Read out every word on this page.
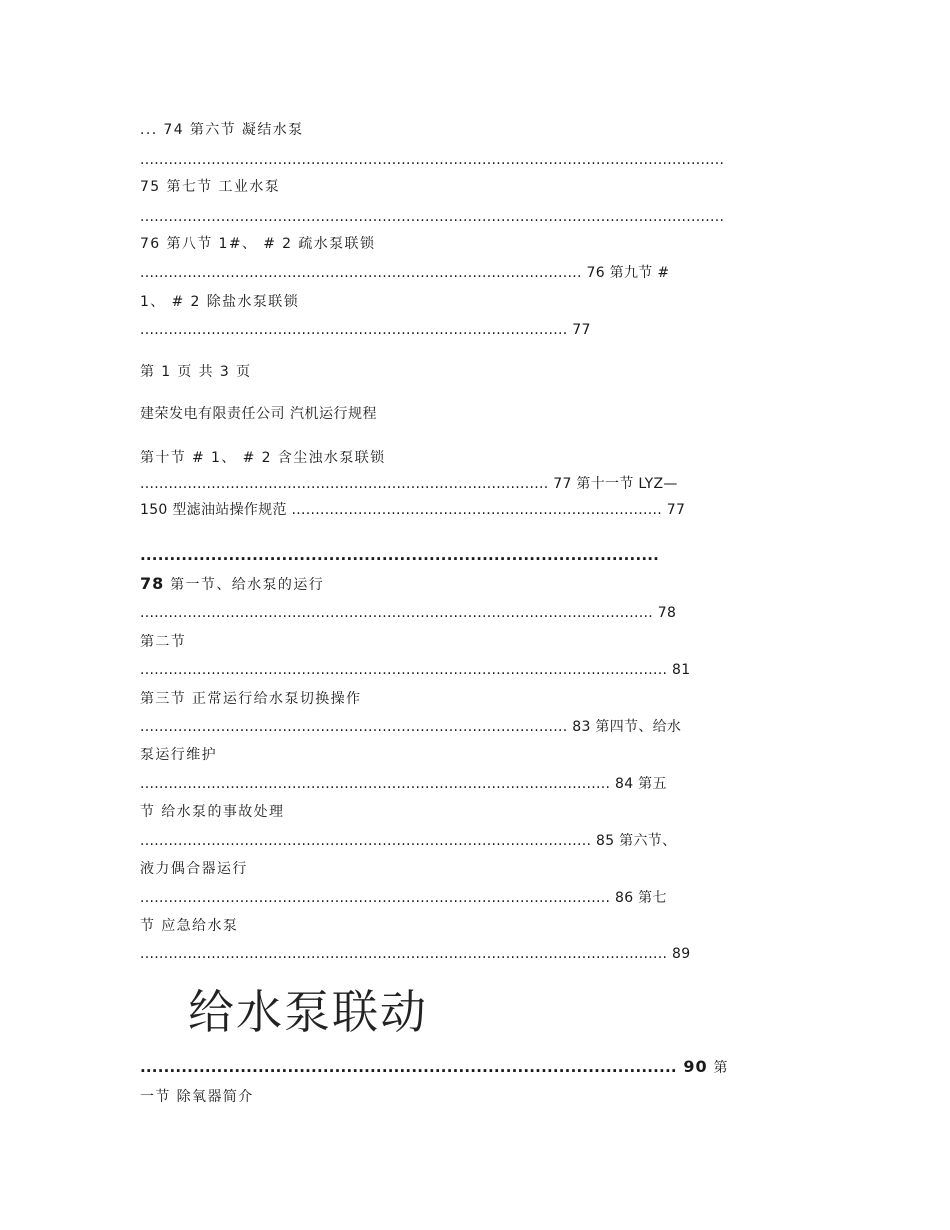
... 74 第六节 凝结水泵
...........................................................................................................................
75 第七节 工业水泵
...........................................................................................................................
76 第八节 1#、 # 2 疏水泵联锁
............................................................................................. 76 第九节 #
1、 # 2 除盐水泵联锁
.......................................................................................... 77
第 1 页 共 3 页
建荣发电有限责任公司 汽机运行规程
第十节 # 1、 # 2 含尘浊水泵联锁
...................................................................................... 77 第十一节 LYZ—
150 型滤油站操作规范 .............................................................................. 77
........................................................................................
78 第一节、给水泵的运行
............................................................................................................ 78
第二节
............................................................................................................... 81
第三节 正常运行给水泵切换操作
.......................................................................................... 83 第四节、给水
泵运行维护
................................................................................................... 84 第五
节 给水泵的事故处理
............................................................................................... 85 第六节、
液力偶合器运行
................................................................................................... 86 第七
节 应急给水泵
............................................................................................................... 89
给水泵联动
........................................................................................... 90 第
一节 除氧器简介
